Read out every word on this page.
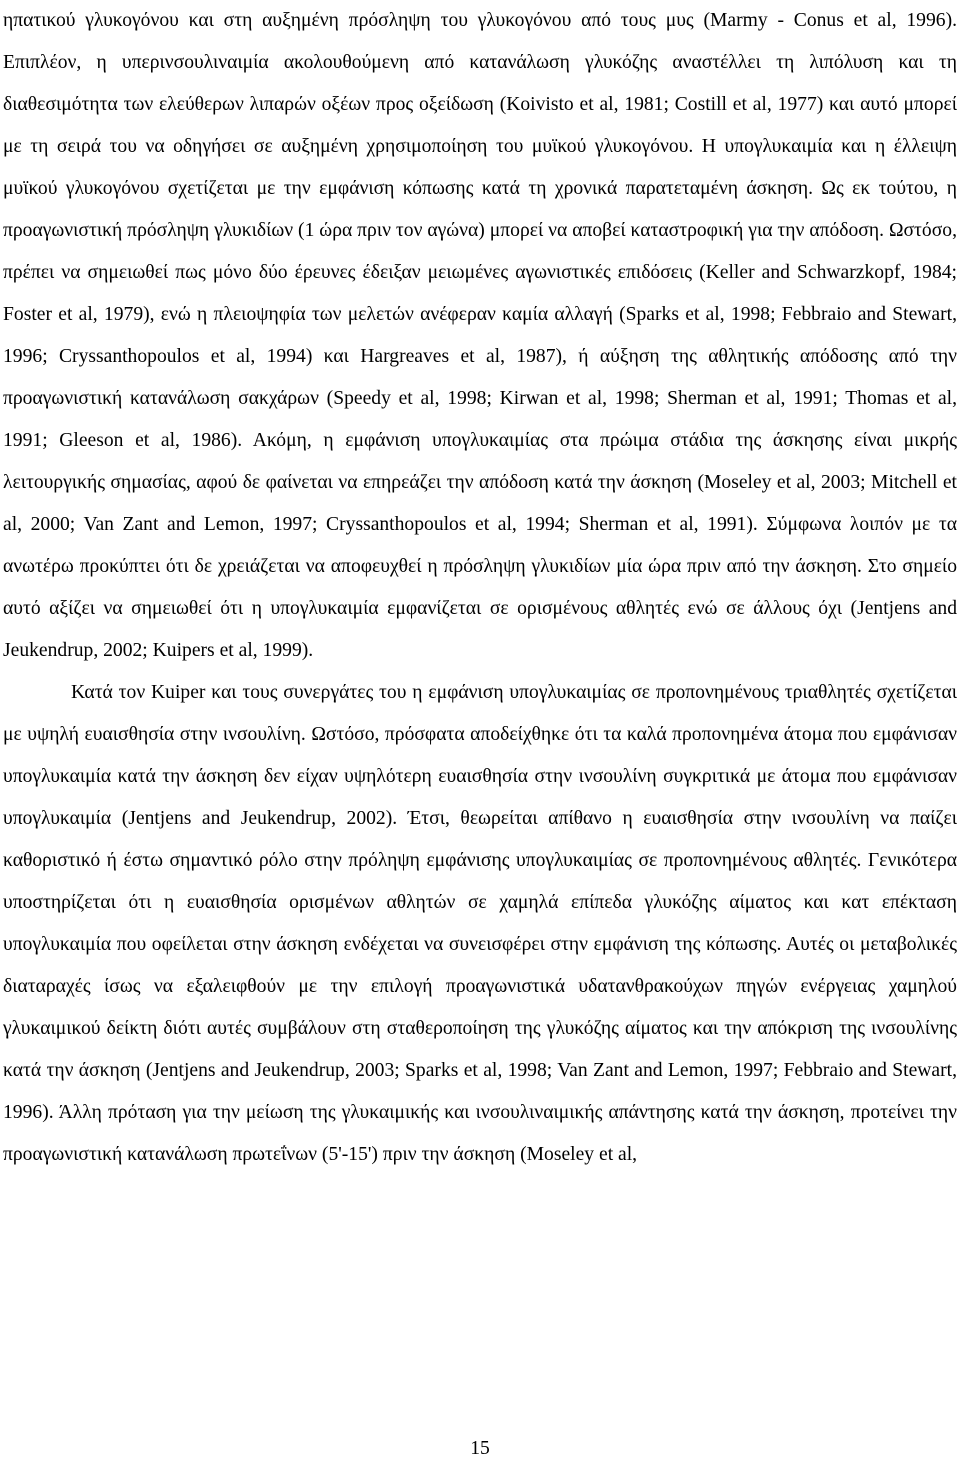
ηπατικού γλυκογόνου και στη αυξημένη πρόσληψη του γλυκογόνου από τους μυς (Marmy - Conus et al, 1996). Επιπλέον, η υπερινσουλιναιμία ακολουθούμενη από κατανάλωση γλυκόζης αναστέλλει τη λιπόλυση και τη διαθεσιμότητα των ελεύθερων λιπαρών οξέων προς οξείδωση (Koivisto et al, 1981; Costill et al, 1977) και αυτό μπορεί με τη σειρά του να οδηγήσει σε αυξημένη χρησιμοποίηση του μυϊκού γλυκογόνου. Η υπογλυκαιμία και η έλλειψη μυϊκού γλυκογόνου σχετίζεται με την εμφάνιση κόπωσης κατά τη χρονικά παρατεταμένη άσκηση. Ως εκ τούτου, η προαγωνιστική πρόσληψη γλυκιδίων (1 ώρα πριν τον αγώνα) μπορεί να αποβεί καταστροφική για την απόδοση. Ωστόσο, πρέπει να σημειωθεί πως μόνο δύο έρευνες έδειξαν μειωμένες αγωνιστικές επιδόσεις (Keller and Schwarzkopf, 1984; Foster et al, 1979), ενώ η πλειοψηφία των μελετών ανέφεραν καμία αλλαγή (Sparks et al, 1998; Febbraio and Stewart, 1996; Cryssanthopoulos et al, 1994) και Hargreaves et al, 1987), ή αύξηση της αθλητικής απόδοσης από την προαγωνιστική κατανάλωση σακχάρων (Speedy et al, 1998; Kirwan et al, 1998; Sherman et al, 1991; Thomas et al, 1991; Gleeson et al, 1986). Ακόμη, η εμφάνιση υπογλυκαιμίας στα πρώιμα στάδια της άσκησης είναι μικρής λειτουργικής σημασίας, αφού δε φαίνεται να επηρεάζει την απόδοση κατά την άσκηση (Moseley et al, 2003; Mitchell et al, 2000; Van Zant and Lemon, 1997; Cryssanthopoulos et al, 1994; Sherman et al, 1991). Σύμφωνα λοιπόν με τα ανωτέρω προκύπτει ότι δε χρειάζεται να αποφευχθεί η πρόσληψη γλυκιδίων μία ώρα πριν από την άσκηση. Στο σημείο αυτό αξίζει να σημειωθεί ότι η υπογλυκαιμία εμφανίζεται σε ορισμένους αθλητές ενώ σε άλλους όχι (Jentjens and Jeukendrup, 2002; Kuipers et al, 1999).

Κατά τον Kuiper και τους συνεργάτες του η εμφάνιση υπογλυκαιμίας σε προπονημένους τριαθλητές σχετίζεται με υψηλή ευαισθησία στην ινσουλίνη. Ωστόσο, πρόσφατα αποδείχθηκε ότι τα καλά προπονημένα άτομα που εμφάνισαν υπογλυκαιμία κατά την άσκηση δεν είχαν υψηλότερη ευαισθησία στην ινσουλίνη συγκριτικά με άτομα που εμφάνισαν υπογλυκαιμία (Jentjens and Jeukendrup, 2002). Έτσι, θεωρείται απίθανο η ευαισθησία στην ινσουλίνη να παίζει καθοριστικό ή έστω σημαντικό ρόλο στην πρόληψη εμφάνισης υπογλυκαιμίας σε προπονημένους αθλητές. Γενικότερα υποστηρίζεται ότι η ευαισθησία ορισμένων αθλητών σε χαμηλά επίπεδα γλυκόζης αίματος και κατ επέκταση υπογλυκαιμία που οφείλεται στην άσκηση ενδέχεται να συνεισφέρει στην εμφάνιση της κόπωσης. Αυτές οι μεταβολικές διαταραχές ίσως να εξαλειφθούν με την επιλογή προαγωνιστικά υδατανθρακούχων πηγών ενέργειας χαμηλού γλυκαιμικού δείκτη διότι αυτές συμβάλουν στη σταθεροποίηση της γλυκόζης αίματος και την απόκριση της ινσουλίνης κατά την άσκηση (Jentjens and Jeukendrup, 2003; Sparks et al, 1998; Van Zant and Lemon, 1997; Febbraio and Stewart, 1996). Άλλη πρόταση για την μείωση της γλυκαιμικής και ινσουλιναιμικής απάντησης κατά την άσκηση, προτείνει την προαγωνιστική κατανάλωση πρωτεΐνων (5'-15') πριν την άσκηση (Moseley et al,

15
